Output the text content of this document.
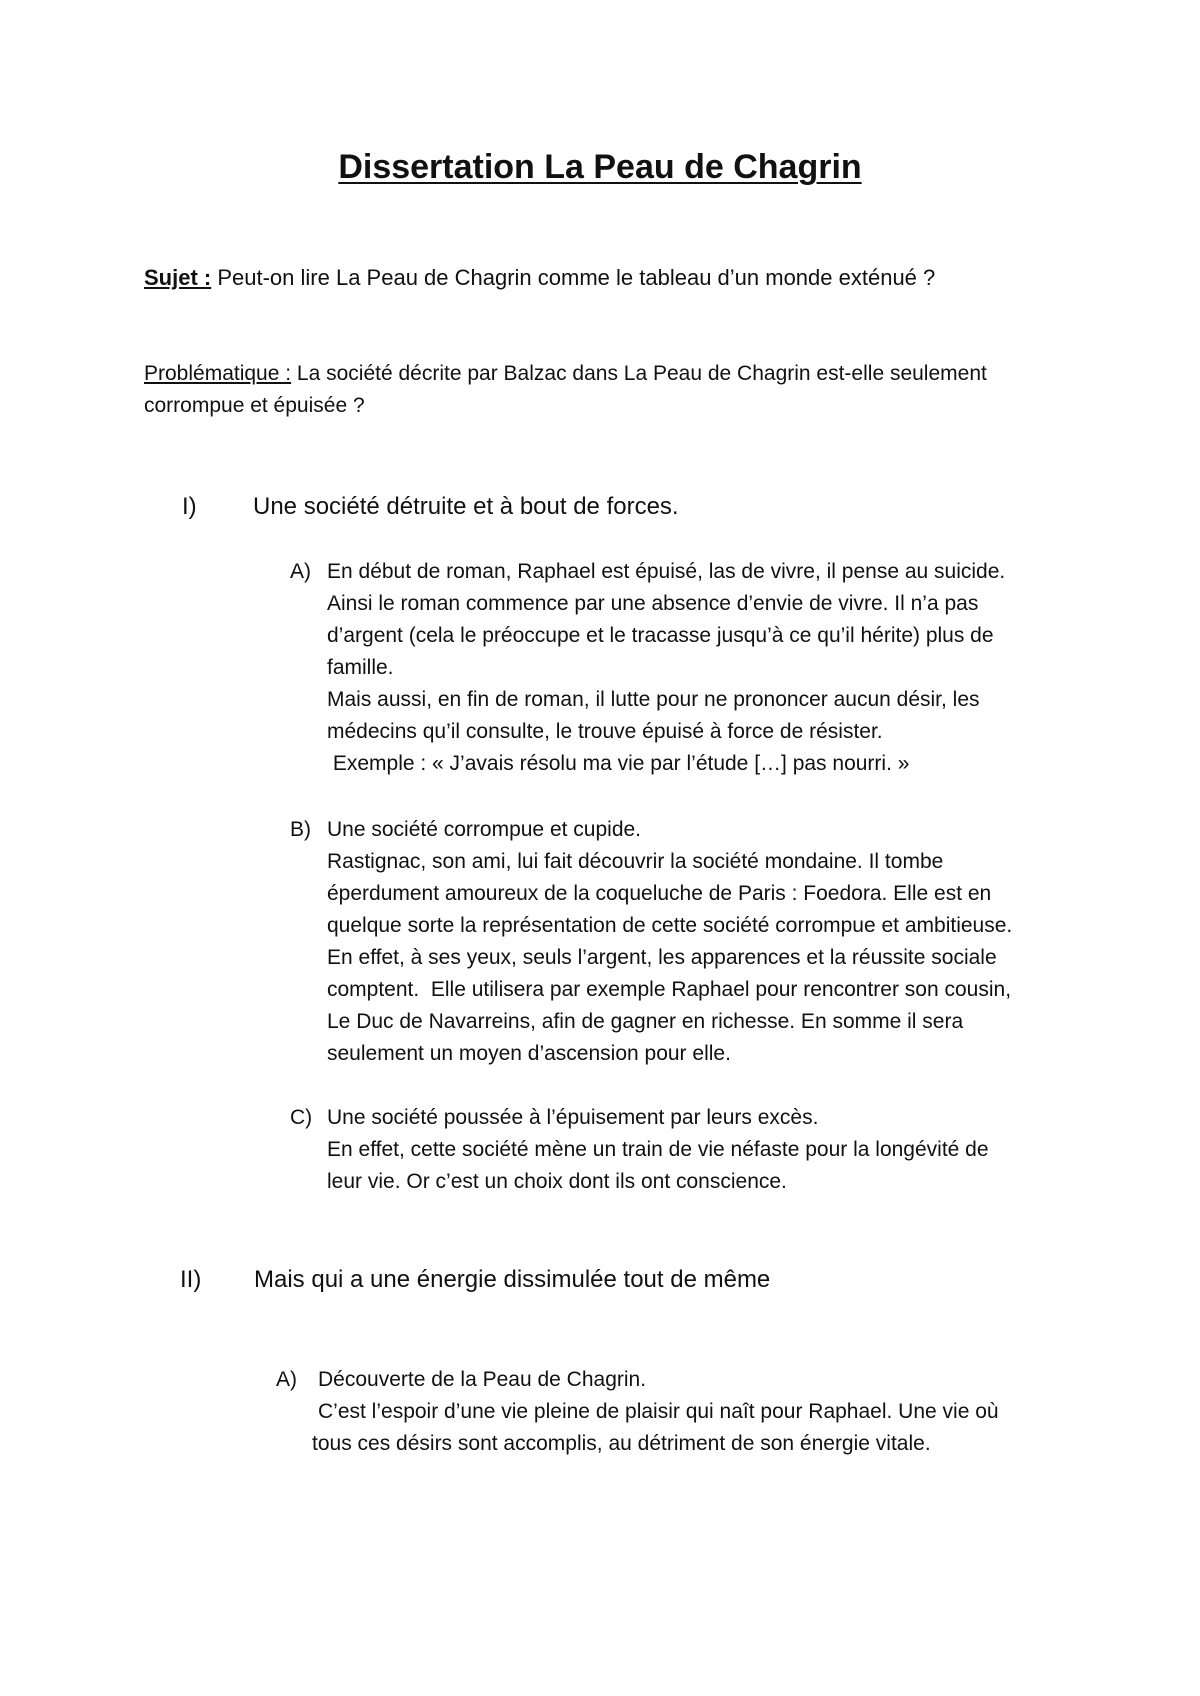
Dissertation La Peau de Chagrin
Sujet : Peut-on lire La Peau de Chagrin comme le tableau d’un monde exténué ?
Problématique : La société décrite par Balzac dans La Peau de Chagrin est-elle seulement
corrompue et épuisée ?
I) Une société détruite et à bout de forces.
A) En début de roman, Raphael est épuisé, las de vivre, il pense au suicide.
Ainsi le roman commence par une absence d’envie de vivre. Il n’a pas
d’argent (cela le préoccupe et le tracasse jusqu’à ce qu’il hérite) plus de
famille.
Mais aussi, en fin de roman, il lutte pour ne prononcer aucun désir, les
médecins qu’il consulte, le trouve épuisé à force de résister.
Exemple : « J’avais résolu ma vie par l’étude […] pas nourri. »
B) Une société corrompue et cupide.
Rastignac, son ami, lui fait découvrir la société mondaine. Il tombe
éperdument amoureux de la coqueluche de Paris : Foedora. Elle est en
quelque sorte la représentation de cette société corrompue et ambitieuse.
En effet, à ses yeux, seuls l’argent, les apparences et la réussite sociale
comptent.  Elle utilisera par exemple Raphael pour rencontrer son cousin,
Le Duc de Navarreins, afin de gagner en richesse. En somme il sera
seulement un moyen d’ascension pour elle.
C) Une société poussée à l’épuisement par leurs excès.
En effet, cette société mène un train de vie néfaste pour la longévité de
leur vie. Or c’est un choix dont ils ont conscience.
II) Mais qui a une énergie dissimulée tout de même
A) Découverte de la Peau de Chagrin.
C’est l’espoir d’une vie pleine de plaisir qui naît pour Raphael. Une vie où
tous ces désirs sont accomplis, au détriment de son énergie vitale.
